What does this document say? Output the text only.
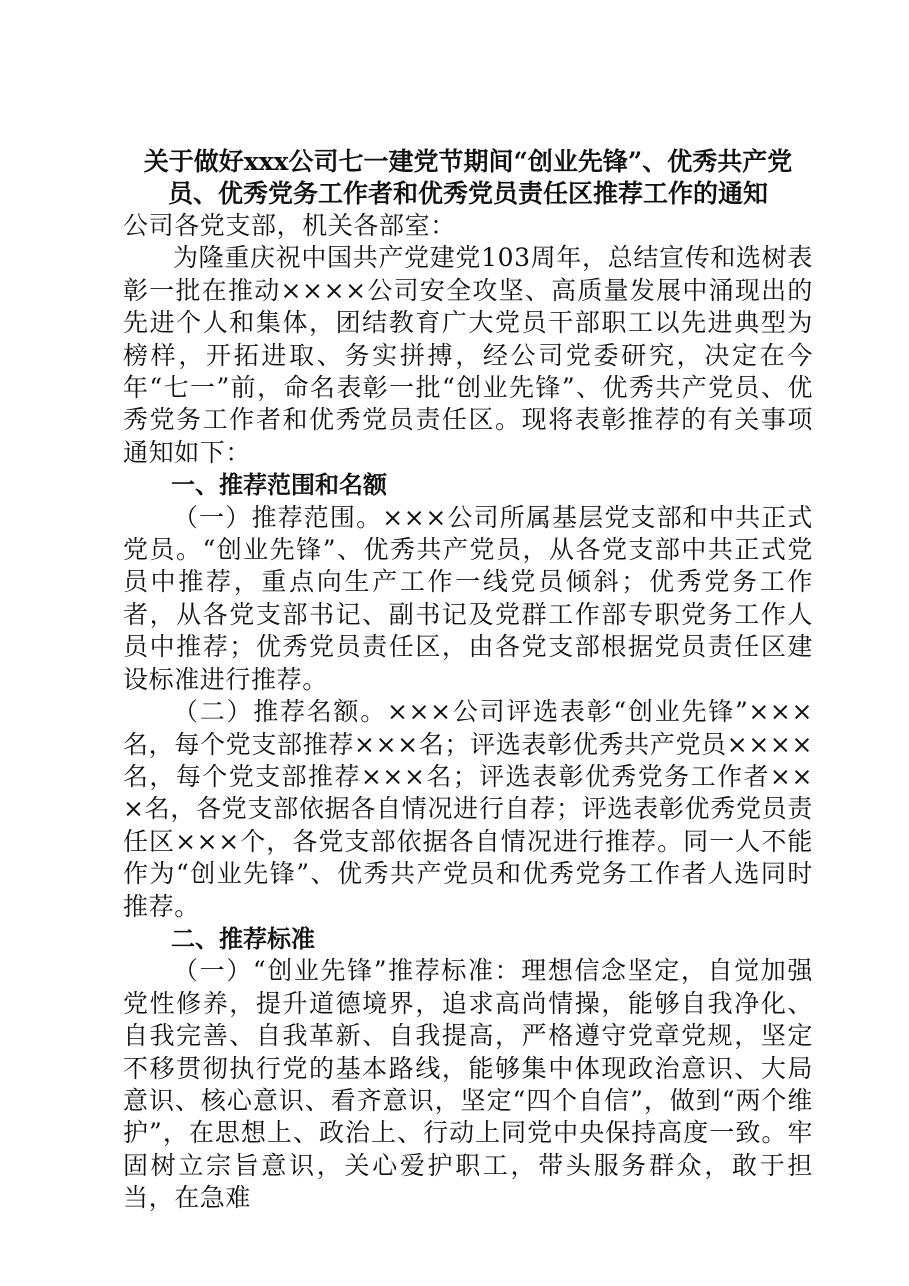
关于做好xxx公司七一建党节期间“创业先锋”、优秀共产党
员、优秀党务工作者和优秀党员责任区推荐工作的通知

公司各党支部，机关各部室：

为隆重庆祝中国共产党建党103周年，总结宣传和选树表彰一批在推动××××公司安全攻坚、高质量发展中涌现出的先进个人和集体，团结教育广大党员干部职工以先进典型为榜样，开拓进取、务实拼搏，经公司党委研究，决定在今年“七一”前，命名表彰一批“创业先锋”、优秀共产党员、优秀党务工作者和优秀党员责任区。现将表彰推荐的有关事项通知如下：

一、推荐范围和名额

（一）推荐范围。×××公司所属基层党支部和中共正式党员。“创业先锋”、优秀共产党员，从各党支部中共正式党员中推荐，重点向生产工作一线党员倾斜；优秀党务工作者，从各党支部书记、副书记及党群工作部专职党务工作人员中推荐；优秀党员责任区，由各党支部根据党员责任区建设标准进行推荐。

（二）推荐名额。×××公司评选表彰“创业先锋”×××名，每个党支部推荐×××名；评选表彰优秀共产党员××××名，每个党支部推荐×××名；评选表彰优秀党务工作者×××名，各党支部依据各自情况进行自荐；评选表彰优秀党员责任区×××个，各党支部依据各自情况进行推荐。同一人不能作为“创业先锋”、优秀共产党员和优秀党务工作者人选同时推荐。

二、推荐标准

（一）“创业先锋”推荐标准：理想信念坚定，自觉加强党性修养，提升道德境界，追求高尚情操，能够自我净化、自我完善、自我革新、自我提高，严格遵守党章党规，坚定不移贯彻执行党的基本路线，能够集中体现政治意识、大局意识、核心意识、看齐意识，坚定“四个自信”，做到“两个维护”，在思想上、政治上、行动上同党中央保持高度一致。牢固树立宗旨意识，关心爱护职工，带头服务群众，敢于担当，在急难
